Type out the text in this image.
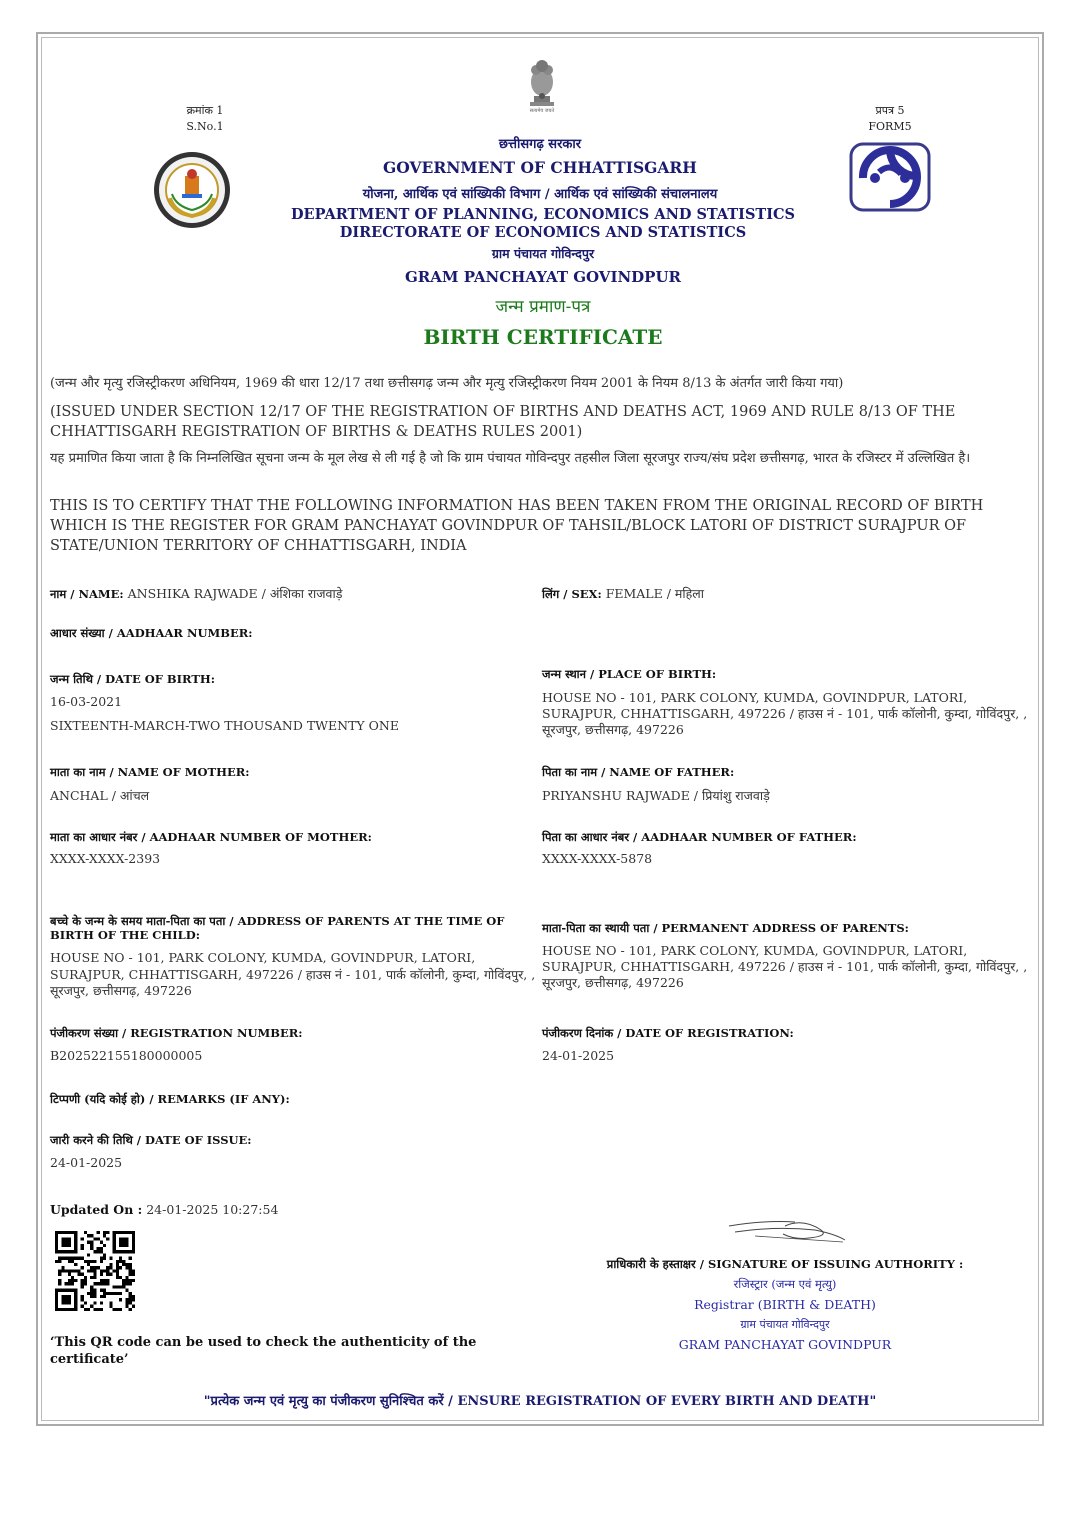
सत्यमेव जयते
क्रमांक 1
S.No.1
प्रपत्र 5
FORM5
छत्तीसगढ़ सरकार
GOVERNMENT OF CHHATTISGARH
योजना, आर्थिक एवं सांख्यिकी विभाग / आर्थिक एवं सांख्यिकी संचालनालय
DEPARTMENT OF PLANNING, ECONOMICS AND STATISTICS
DIRECTORATE OF ECONOMICS AND STATISTICS
ग्राम पंचायत गोविन्दपुर
GRAM PANCHAYAT GOVINDPUR
जन्म प्रमाण-पत्र
BIRTH CERTIFICATE
(जन्म और मृत्यु रजिस्ट्रीकरण अधिनियम, 1969 की धारा 12/17 तथा छत्तीसगढ़ जन्म और मृत्यु रजिस्ट्रीकरण नियम 2001 के नियम 8/13 के अंतर्गत जारी किया गया)
(ISSUED UNDER SECTION 12/17 OF THE REGISTRATION OF BIRTHS AND DEATHS ACT, 1969 AND RULE 8/13 OF THE CHHATTISGARH REGISTRATION OF BIRTHS & DEATHS RULES 2001)
यह प्रमाणित किया जाता है कि निम्नलिखित सूचना जन्म के मूल लेख से ली गई है जो कि ग्राम पंचायत गोविन्दपुर तहसील जिला सूरजपुर राज्य/संघ प्रदेश छत्तीसगढ़, भारत के रजिस्टर में उल्लिखित है।
THIS IS TO CERTIFY THAT THE FOLLOWING INFORMATION HAS BEEN TAKEN FROM THE ORIGINAL RECORD OF BIRTH WHICH IS THE REGISTER FOR GRAM PANCHAYAT GOVINDPUR OF TAHSIL/BLOCK LATORI OF DISTRICT SURAJPUR OF STATE/UNION TERRITORY OF CHHATTISGARH, INDIA
नाम / NAME: ANSHIKA RAJWADE / अंशिका राजवाड़े	लिंग / SEX: FEMALE / महिला
आधार संख्या / AADHAAR NUMBER:
जन्म तिथि / DATE OF BIRTH:
16-03-2021
SIXTEENTH-MARCH-TWO THOUSAND TWENTY ONE
जन्म स्थान / PLACE OF BIRTH:
HOUSE NO - 101, PARK COLONY, KUMDA, GOVINDPUR, LATORI, SURAJPUR, CHHATTISGARH, 497226 / हाउस नं - 101, पार्क कॉलोनी, कुम्दा, गोविंदपुर, , सूरजपुर, छत्तीसगढ़, 497226
माता का नाम / NAME OF MOTHER:
ANCHAL / आंचल
पिता का नाम / NAME OF FATHER:
PRIYANSHU RAJWADE / प्रियांशु राजवाड़े
माता का आधार नंबर / AADHAAR NUMBER OF MOTHER:
XXXX-XXXX-2393
पिता का आधार नंबर / AADHAAR NUMBER OF FATHER:
XXXX-XXXX-5878
बच्चे के जन्म के समय माता-पिता का पता / ADDRESS OF PARENTS AT THE TIME OF BIRTH OF THE CHILD:
HOUSE NO - 101, PARK COLONY, KUMDA, GOVINDPUR, LATORI, SURAJPUR, CHHATTISGARH, 497226 / हाउस नं - 101, पार्क कॉलोनी, कुम्दा, गोविंदपुर, , सूरजपुर, छत्तीसगढ़, 497226
माता-पिता का स्थायी पता / PERMANENT ADDRESS OF PARENTS:
HOUSE NO - 101, PARK COLONY, KUMDA, GOVINDPUR, LATORI, SURAJPUR, CHHATTISGARH, 497226 / हाउस नं - 101, पार्क कॉलोनी, कुम्दा, गोविंदपुर, , सूरजपुर, छत्तीसगढ़, 497226
पंजीकरण संख्या / REGISTRATION NUMBER:
B202522155180000005
पंजीकरण दिनांक / DATE OF REGISTRATION:
24-01-2025
टिप्पणी (यदि कोई हो) / REMARKS (IF ANY):
जारी करने की तिथि / DATE OF ISSUE:
24-01-2025
Updated On : 24-01-2025 10:27:54
‘This QR code can be used to check the authenticity of the certificate’
प्राधिकारी के हस्ताक्षर / SIGNATURE OF ISSUING AUTHORITY :
रजिस्ट्रार (जन्म एवं मृत्यु)
Registrar (BIRTH & DEATH)
ग्राम पंचायत गोविन्दपुर
GRAM PANCHAYAT GOVINDPUR
"प्रत्येक जन्म एवं मृत्यु का पंजीकरण सुनिश्चित करें / ENSURE REGISTRATION OF EVERY BIRTH AND DEATH"
